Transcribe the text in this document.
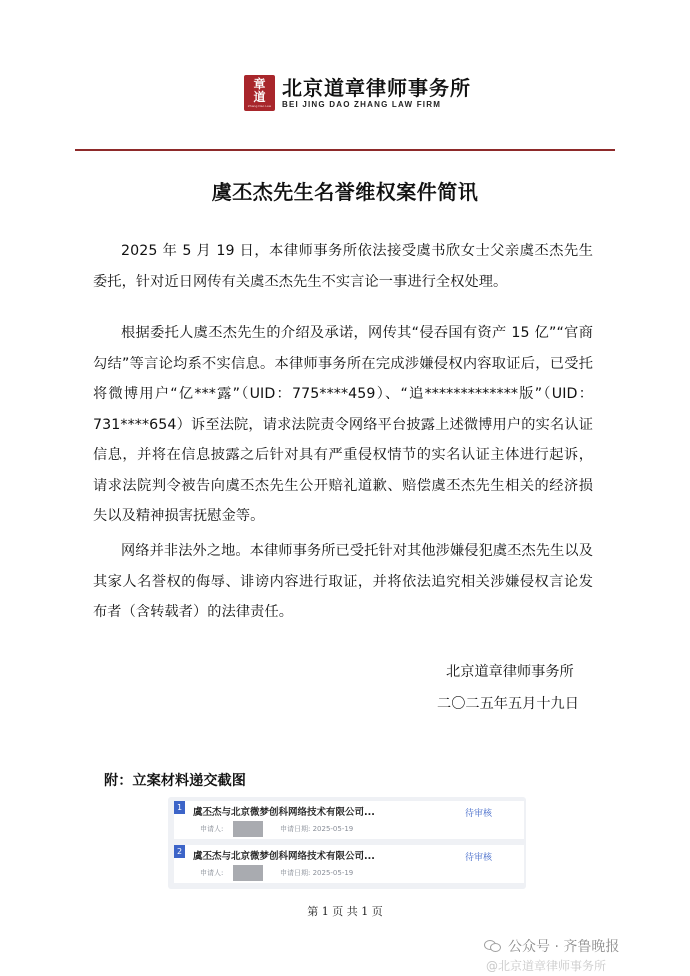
章
道
Zhang Dao Law
北京道章律师事务所
BEI JING DAO ZHANG LAW FIRM
虞丕杰先生名誉维权案件简讯

2025 年 5 月 19 日，本律师事务所依法接受虞书欣女士父亲虞丕杰先生委托，针对近日网传有关虞丕杰先生不实言论一事进行全权处理。

根据委托人虞丕杰先生的介绍及承诺，网传其“侵吞国有资产 15 亿”“官商勾结”等言论均系不实信息。本律师事务所在完成涉嫌侵权内容取证后，已受托将微博用户“亿***露”（UID：775****459）、“追*************版”（UID：731****654）诉至法院，请求法院责令网络平台披露上述微博用户的实名认证信息，并将在信息披露之后针对具有严重侵权情节的实名认证主体进行起诉，请求法院判令被告向虞丕杰先生公开赔礼道歉、赔偿虞丕杰先生相关的经济损失以及精神损害抚慰金等。

网络并非法外之地。本律师事务所已受托针对其他涉嫌侵犯虞丕杰先生以及其家人名誉权的侮辱、诽谤内容进行取证，并将依法追究相关涉嫌侵权言论发布者（含转载者）的法律责任。

北京道章律师事务所
二〇二五年五月十九日
附：立案材料递交截图
1	虞丕杰与北京微梦创科网络技术有限公司...	待审核
申请人:	申请日期: 2025-05-19
2	虞丕杰与北京微梦创科网络技术有限公司...	待审核
申请人:	申请日期: 2025-05-19
第 1 页 共 1 页
公众号 · 齐鲁晚报
@北京道章律师事务所
